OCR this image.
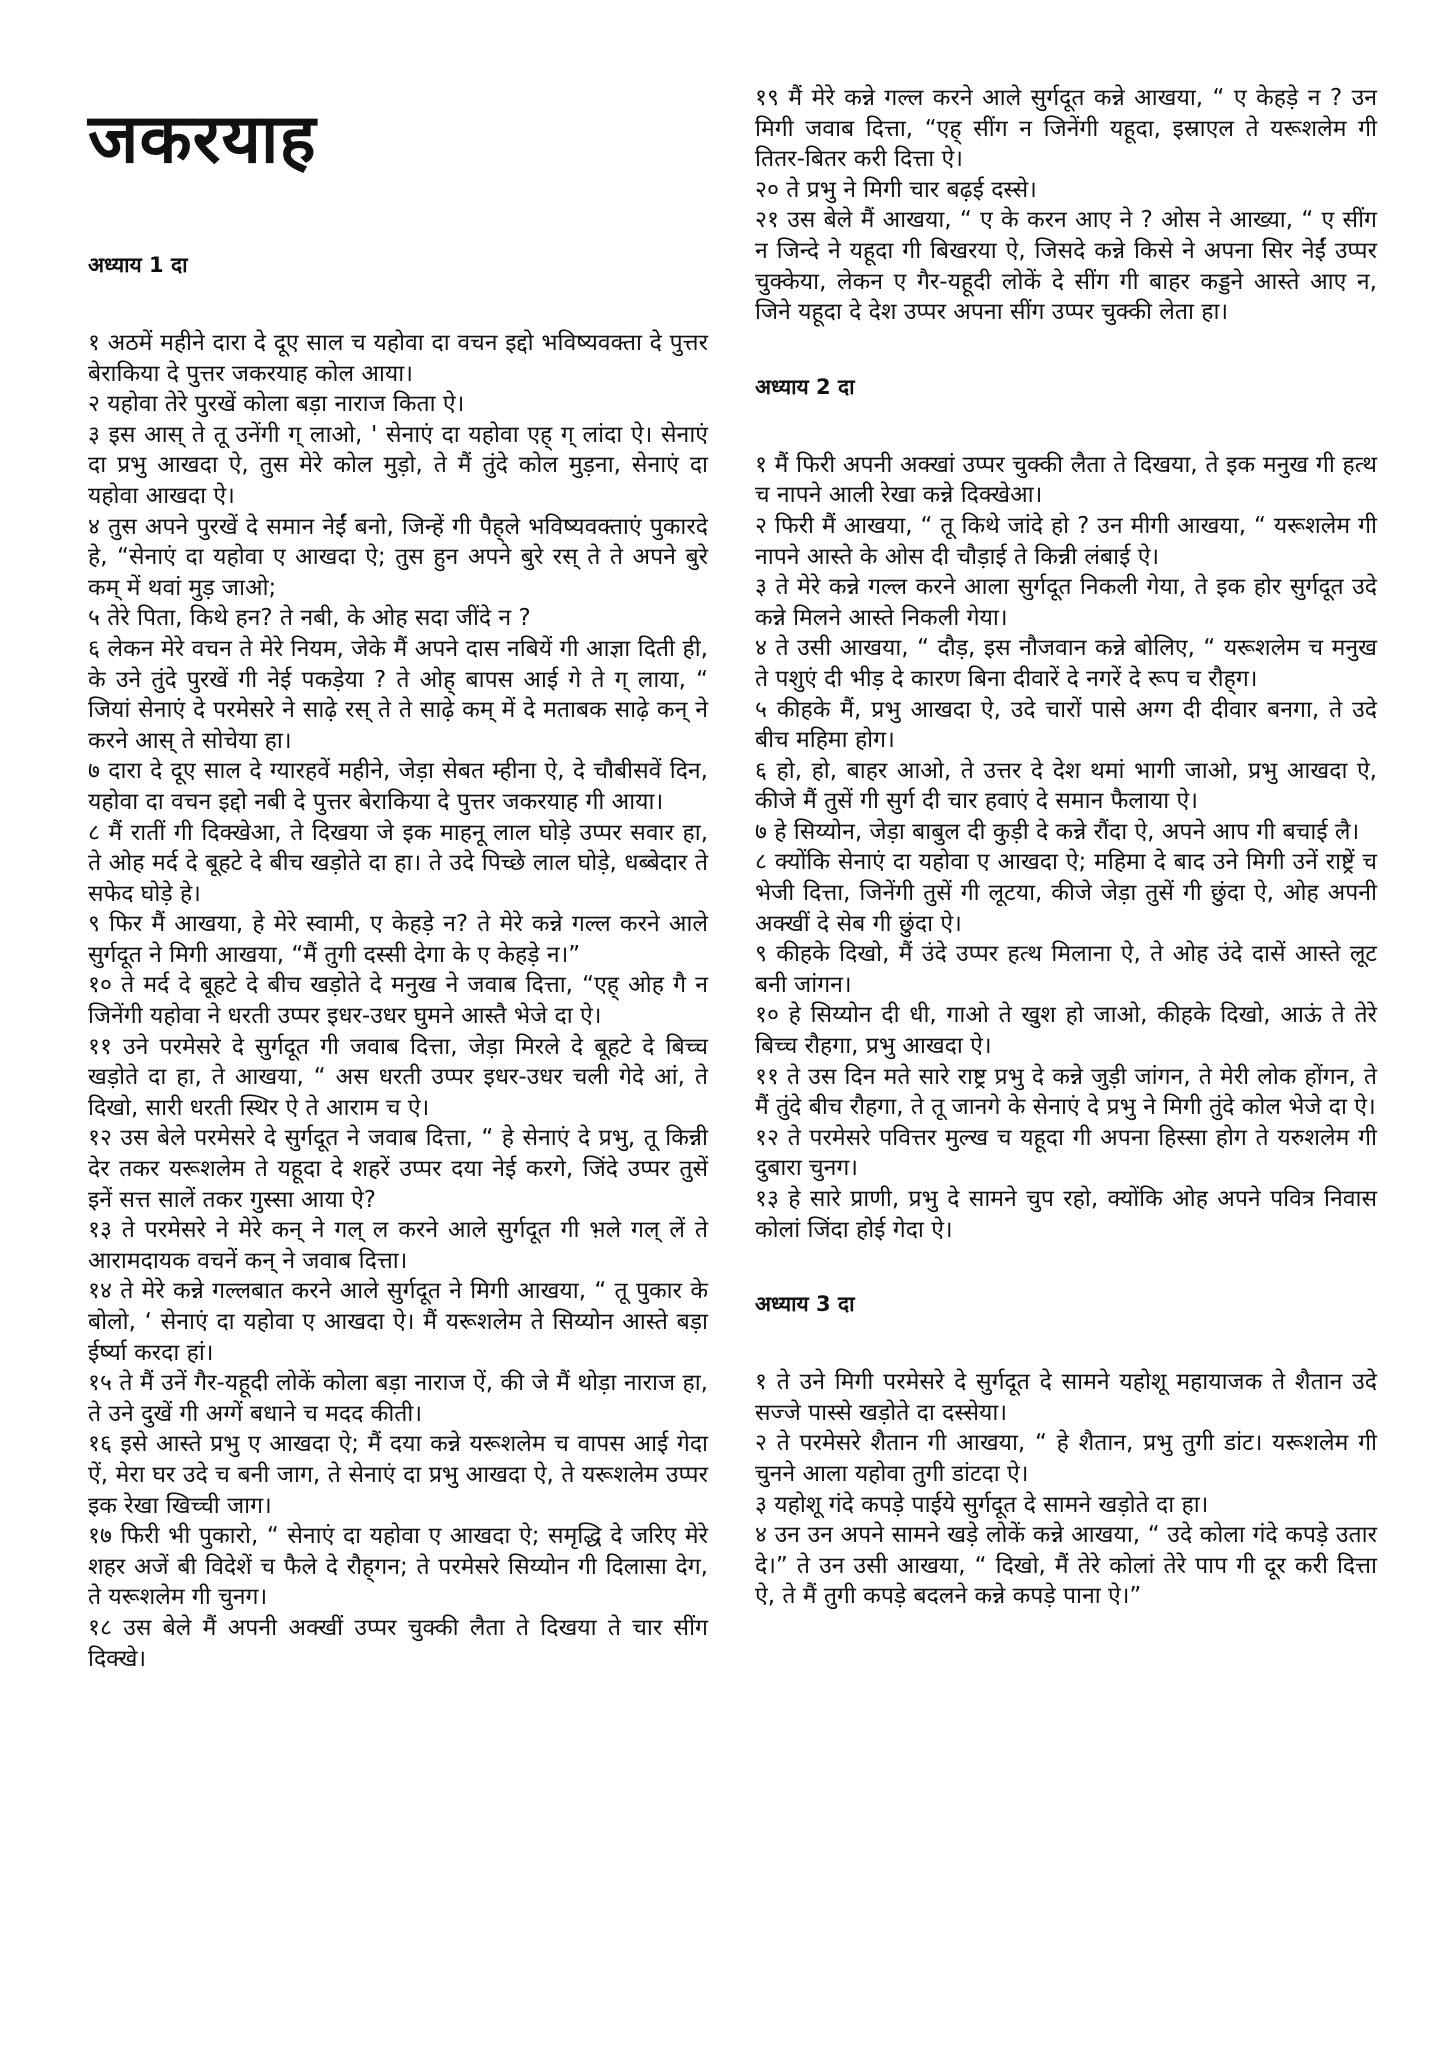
जकरयाह
अध्याय 1 दा

१ अठमें महीने दारा दे दूए साल च यहोवा दा वचन इद्दो भविष्यवक्ता दे पुत्तर बेराकिया दे पुत्तर जकरयाह कोल आया।

२ यहोवा तेरे पुरखें कोला बड़ा नाराज किता ऐ।

३ इस आस् ते तू उनेंगी ग् लाओ, ' सेनाएं दा यहोवा एह् ग् लांदा ऐ। सेनाएं दा प्रभु आखदा ऐ, तुस मेरे कोल मुड़ो, ते मैं तुंदे कोल मुड़ना, सेनाएं दा यहोवा आखदा ऐ।

४ तुस अपने पुरखें दे समान नेईं बनो, जिन्हें गी पैह्‌ले भविष्यवक्ताएं पुकारदे हे, “सेनाएं दा यहोवा ए आखदा ऐ; तुस हुन अपने बुरे रस् ते ते अपने बुरे कम् में थवां मुड़ जाओ;

५ तेरे पिता, किथे हन? ते नबी, के ओह सदा जींदे न ?

६ लेकन मेरे वचन ते मेरे नियम, जेके मैं अपने दास नबियें गी आज्ञा दिती ही, के उने तुंदे पुरखें गी नेई पकड़ेया ? ते ओह् बापस आई गे ते ग् लाया, “ जियां सेनाएं दे परमेसरे ने साढ़े रस् ते ते साढ़े कम् में दे मताबक साढ़े कन् ने करने आस् ते सोचेया हा।

७ दारा दे दूए साल दे ग्यारहवें महीने, जेड़ा सेबत म्हीना ऐ, दे चौबीसवें दिन, यहोवा दा वचन इद्दो नबी दे पुत्तर बेराकिया दे पुत्तर जकरयाह गी आया।

८ मैं रातीं गी दिक्खेआ, ते दिखया जे इक माहनू लाल घोड़े उप्पर सवार हा, ते ओह मर्द दे बूहटे दे बीच खड़ोते दा हा। ते उदे पिच्छे लाल घोड़े, धब्बेदार ते सफेद घोड़े हे।

९ फिर मैं आखया, हे मेरे स्वामी, ए केहड़े न? ते मेरे कन्ने गल्ल करने आले सुर्गदूत ने मिगी आखया, “मैं तुगी दस्सी देगा के ए केहड़े न।”

१० ते मर्द दे बूहटे दे बीच खड़ोते दे मनुख ने जवाब दित्ता, “एह् ओह गै न जिनेंगी यहोवा ने धरती उप्पर इधर-उधर घुमने आस्तै भेजे दा ऐ।

११ उने परमेसरे दे सुर्गदूत गी जवाब दित्ता, जेड़ा मिरले दे बूहटे दे बिच्च खड़ोते दा हा, ते आखया, “ अस धरती उप्पर इधर-उधर चली गेदे आं, ते दिखो, सारी धरती स्थिर ऐ ते आराम च ऐ।

१२ उस बेले परमेसरे दे सुर्गदूत ने जवाब दित्ता, “ हे सेनाएं दे प्रभु, तू किन्नी देर तकर यरूशलेम ते यहूदा दे शहरें उप्पर दया नेई करगे, जिंदे उप्पर तुसें इनें सत्त सालें तकर गुस्सा आया ऐ?

१३ ते परमेसरे ने मेरे कन् ने गल् ल करने आले सुर्गदूत गी भ़ले गल् लें ते आरामदायक वचनें कन् ने जवाब दित्ता।

१४ ते मेरे कन्ने गल्लबात करने आले सुर्गदूत ने मिगी आखया, “ तू पुकार के बोलो, ‘ सेनाएं दा यहोवा ए आखदा ऐ। मैं यरूशलेम ते सिय्योन आस्ते बड़ा ईर्ष्या करदा हां।

१५ ते मैं उनें गैर-यहूदी लोकें कोला बड़ा नाराज ऐं, की जे मैं थोड़ा नाराज हा, ते उने दुखें गी अग्गें बधाने च मदद कीती।

१६ इसे आस्ते प्रभु ए आखदा ऐ; मैं दया कन्ने यरूशलेम च वापस आई गेदा ऐं, मेरा घर उदे च बनी जाग, ते सेनाएं दा प्रभु आखदा ऐ, ते यरूशलेम उप्पर इक रेखा खिच्ची जाग।

१७ फिरी भी पुकारो, “ सेनाएं दा यहोवा ए आखदा ऐ; समृद्धि दे जरिए मेरे शहर अजें बी विदेशें च फैले दे रौह्‌गन; ते परमेसरे सिय्योन गी दिलासा देग, ते यरूशलेम गी चुनग।

१८ उस बेले मैं अपनी अक्खीं उप्पर चुक्की लैता ते दिखया ते चार सींग दिक्खे।

१९ मैं मेरे कन्ने गल्ल करने आले सुर्गदूत कन्ने आखया, “ ए केहड़े न ? उन मिगी जवाब दित्ता, “एह् सींग न जिनेंगी यहूदा, इस्राएल ते यरूशलेम गी तितर-बितर करी दित्ता ऐ।

२० ते प्रभु ने मिगी चार बढ़ई दस्से।

२१ उस बेले मैं आखया, “ ए के करन आए ने ? ओस ने आख्या, “ ए सींग न जिन्दे ने यहूदा गी बिखरया ऐ, जिसदे कन्ने किसे ने अपना सिर नेईं उप्पर चुक्केया, लेकन ए गैर-यहूदी लोकें दे सींग गी बाहर कड्डने आस्ते आए न, जिने यहूदा दे देश उप्पर अपना सींग उप्पर चुक्की लेता हा।

अध्याय 2 दा

१ मैं फिरी अपनी अक्खां उप्पर चुक्की लैता ते दिखया, ते इक मनुख गी हत्थ च नापने आली रेखा कन्ने दिक्खेआ।

२ फिरी मैं आखया, “ तू किथे जांदे हो ? उन मीगी आखया, “ यरूशलेम गी नापने आस्ते के ओस दी चौड़ाई ते किन्नी लंबाई ऐ।

३ ते मेरे कन्ने गल्ल करने आला सुर्गदूत निकली गेया, ते इक होर सुर्गदूत उदे कन्ने मिलने आस्ते निकली गेया।

४ ते उसी आखया, “ दौड़, इस नौजवान कन्ने बोलिए, “ यरूशलेम च मनुख ते पशुएं दी भीड़ दे कारण बिना दीवारें दे नगरें दे रूप च रौह्‌ग।

५ कीहके मैं, प्रभु आखदा ऐ, उदे चारों पासे अग्ग दी दीवार बनगा, ते उदे बीच महिमा होग।

६ हो, हो, बाहर आओ, ते उत्तर दे देश थमां भागी जाओ, प्रभु आखदा ऐ, कीजे मैं तुसें गी सुर्ग दी चार हवाएं दे समान फैलाया ऐ।

७ हे सिय्योन, जेड़ा बाबुल दी कुड़ी दे कन्ने रौंदा ऐ, अपने आप गी बचाई लै।

८ क्योंकि सेनाएं दा यहोवा ए आखदा ऐ; महिमा दे बाद उने मिगी उनें राष्ट्रें च भेजी दित्ता, जिनेंगी तुसें गी लूटया, कीजे जेड़ा तुसें गी छुंदा ऐ, ओह अपनी अक्खीं दे सेब गी छुंदा ऐ।

९ कीहके दिखो, मैं उंदे उप्पर हत्थ मिलाना ऐ, ते ओह उंदे दासें आस्ते लूट बनी जांगन।

१० हे सिय्योन दी धी, गाओ ते खुश हो जाओ, कीहके दिखो, आऊं ते तेरे बिच्च रौहगा, प्रभु आखदा ऐ।

११ ते उस दिन मते सारे राष्ट्र प्रभु दे कन्ने जुड़ी जांगन, ते मेरी लोक होंगन, ते मैं तुंदे बीच रौहगा, ते तू जानगे के सेनाएं दे प्रभु ने मिगी तुंदे कोल भेजे दा ऐ।

१२ ते परमेसरे पवित्तर मुल्ख च यहूदा गी अपना हिस्सा होग ते यरुशलेम गी दुबारा चुनग।

१३ हे सारे प्राणी, प्रभु दे सामने चुप रहो, क्योंकि ओह अपने पवित्र निवास कोलां जिंदा होई गेदा ऐ।

अध्याय 3 दा

१ ते उने मिगी परमेसरे दे सुर्गदूत दे सामने यहोशू महायाजक ते शैतान उदे सज्जे पास्से खड़ोते दा दस्सेया।

२ ते परमेसरे शैतान गी आखया, “ हे शैतान, प्रभु तुगी डांट। यरूशलेम गी चुनने आला यहोवा तुगी डांटदा ऐ।

३ यहोशू गंदे कपड़े पाईये सुर्गदूत दे सामने खड़ोते दा हा।

४ उन उन अपने सामने खड़े लोकें कन्ने आखया, “ उदे कोला गंदे कपड़े उतार दे।” ते उन उसी आखया, “ दिखो, मैं तेरे कोलां तेरे पाप गी दूर करी दित्ता ऐ, ते मैं तुगी कपड़े बदलने कन्ने कपड़े पाना ऐ।”
